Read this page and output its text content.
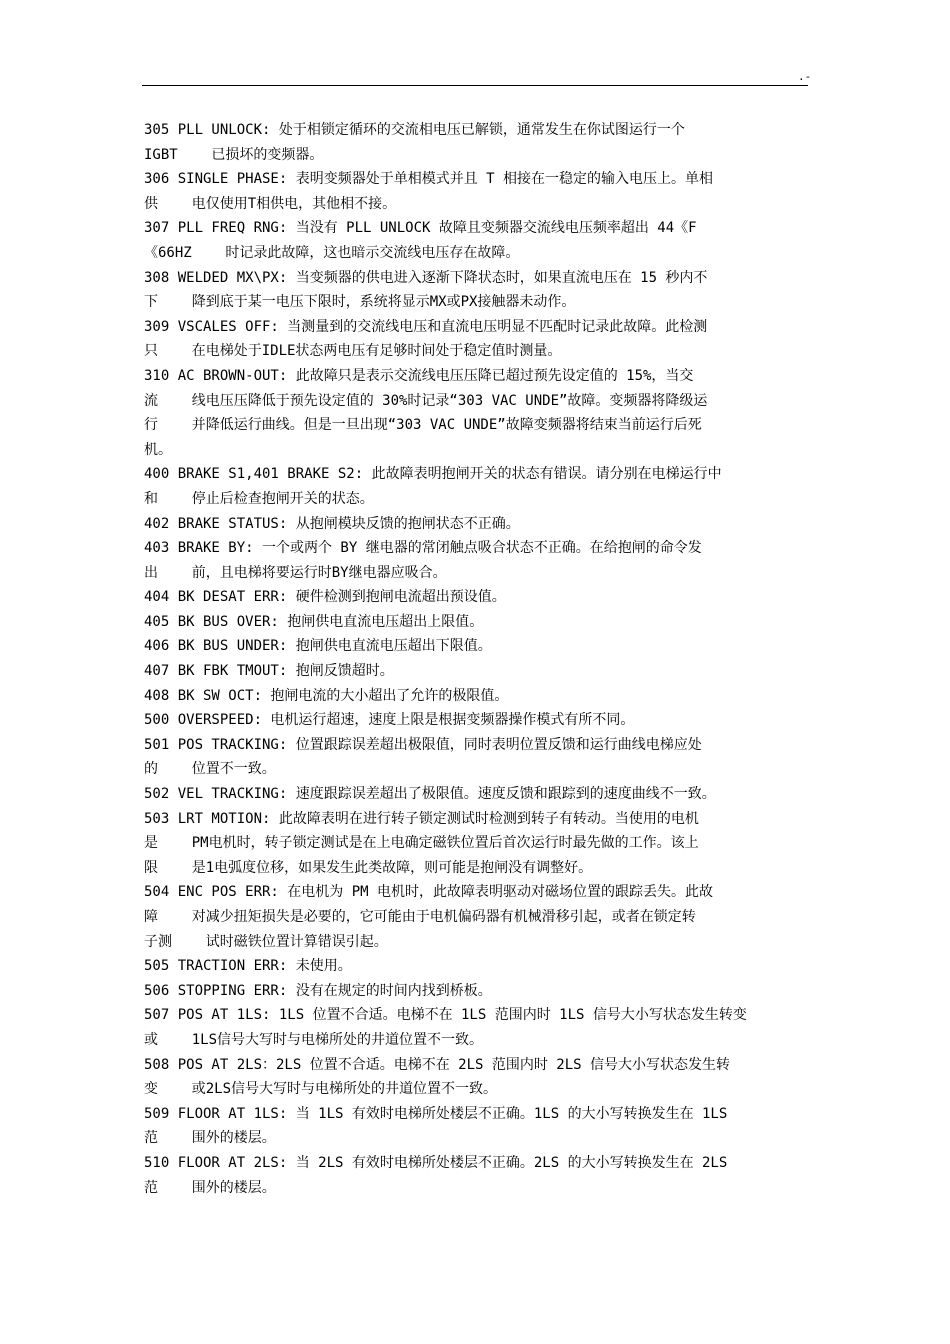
.-

305 PLL UNLOCK: 处于相锁定循环的交流相电压已解锁，通常发生在你试图运行一个

IGBT    已损坏的变频器。

306 SINGLE PHASE: 表明变频器处于单相模式并且 T 相接在一稳定的输入电压上。单相

供    电仅使用T相供电，其他相不接。

307 PLL FREQ RNG: 当没有 PLL UNLOCK 故障且变频器交流线电压频率超出 44《F

《66HZ    时记录此故障，这也暗示交流线电压存在故障。

308 WELDED MX\PX: 当变频器的供电进入逐渐下降状态时，如果直流电压在 15 秒内不

下    降到底于某一电压下限时，系统将显示MX或PX接触器未动作。

309 VSCALES OFF: 当测量到的交流线电压和直流电压明显不匹配时记录此故障。此检测

只    在电梯处于IDLE状态两电压有足够时间处于稳定值时测量。

310 AC BROWN-OUT: 此故障只是表示交流线电压压降已超过预先设定值的 15%，当交

流    线电压压降低于预先设定值的 30%时记录“303 VAC UNDE”故障。变频器将降级运

行    并降低运行曲线。但是一旦出现“303 VAC UNDE”故障变频器将结束当前运行后死

机。

400 BRAKE S1,401 BRAKE S2: 此故障表明抱闸开关的状态有错误。请分别在电梯运行中

和    停止后检查抱闸开关的状态。

402 BRAKE STATUS: 从抱闸模块反馈的抱闸状态不正确。

403 BRAKE BY: 一个或两个 BY 继电器的常闭触点吸合状态不正确。在给抱闸的命令发

出    前，且电梯将要运行时BY继电器应吸合。

404 BK DESAT ERR: 硬件检测到抱闸电流超出预设值。

405 BK BUS OVER: 抱闸供电直流电压超出上限值。

406 BK BUS UNDER: 抱闸供电直流电压超出下限值。

407 BK FBK TMOUT: 抱闸反馈超时。

408 BK SW OCT: 抱闸电流的大小超出了允许的极限值。

500 OVERSPEED: 电机运行超速，速度上限是根据变频器操作模式有所不同。

501 POS TRACKING: 位置跟踪误差超出极限值，同时表明位置反馈和运行曲线电梯应处

的    位置不一致。

502 VEL TRACKING: 速度跟踪误差超出了极限值。速度反馈和跟踪到的速度曲线不一致。

503 LRT MOTION: 此故障表明在进行转子锁定测试时检测到转子有转动。当使用的电机

是    PM电机时，转子锁定测试是在上电确定磁铁位置后首次运行时最先做的工作。该上

限    是1电弧度位移，如果发生此类故障，则可能是抱闸没有调整好。

504 ENC POS ERR: 在电机为 PM 电机时，此故障表明驱动对磁场位置的跟踪丢失。此故

障    对减少扭矩损失是必要的，它可能由于电机偏码器有机械滑移引起，或者在锁定转

子测    试时磁铁位置计算错误引起。

505 TRACTION ERR: 未使用。

506 STOPPING ERR: 没有在规定的时间内找到桥板。

507 POS AT 1LS: 1LS 位置不合适。电梯不在 1LS 范围内时 1LS 信号大小写状态发生转变

或    1LS信号大写时与电梯所处的井道位置不一致。

508 POS AT 2LS：2LS 位置不合适。电梯不在 2LS 范围内时 2LS 信号大小写状态发生转

变    或2LS信号大写时与电梯所处的井道位置不一致。

509 FLOOR AT 1LS: 当 1LS 有效时电梯所处楼层不正确。1LS 的大小写转换发生在 1LS

范    围外的楼层。

510 FLOOR AT 2LS: 当 2LS 有效时电梯所处楼层不正确。2LS 的大小写转换发生在 2LS

范    围外的楼层。
